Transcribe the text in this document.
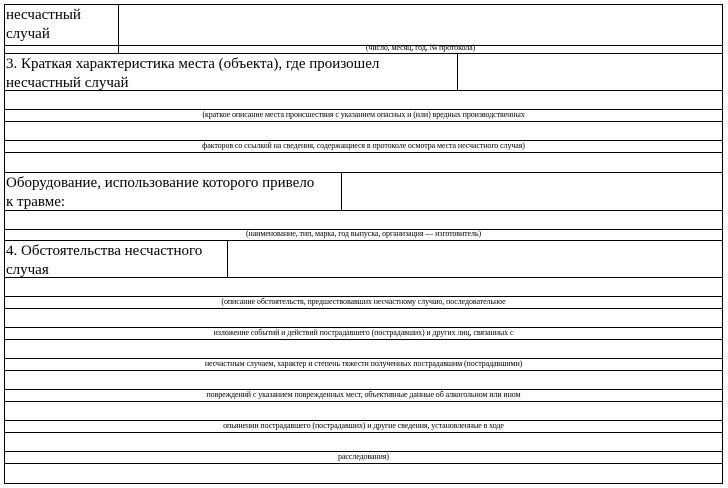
несчастный
случай
(число, месяц, год, № протокола)
3. Краткая характеристика места (объекта), где произошел
несчастный случай
(краткое описание места происшествия с указанием опасных и (или) вредных производственных
факторов со ссылкой на сведения, содержащиеся в протоколе осмотра места несчастного случая)
Оборудование, использование которого привело
к травме:
(наименование, тип, марка, год выпуска, организация — изготовитель)
4. Обстоятельства несчастного
случая
(описание обстоятельств, предшествовавших несчастному случаю, последовательное
изложение событий и действий пострадавшего (пострадавших) и других лиц, связанных с
несчастным случаем, характер и степень тяжести полученных пострадавшим (пострадавшими)
повреждений с указанием поврежденных мест, объективные данные об алкогольном или ином
опьянении пострадавшего (пострадавших) и другие сведения, установленные в ходе
расследования)
